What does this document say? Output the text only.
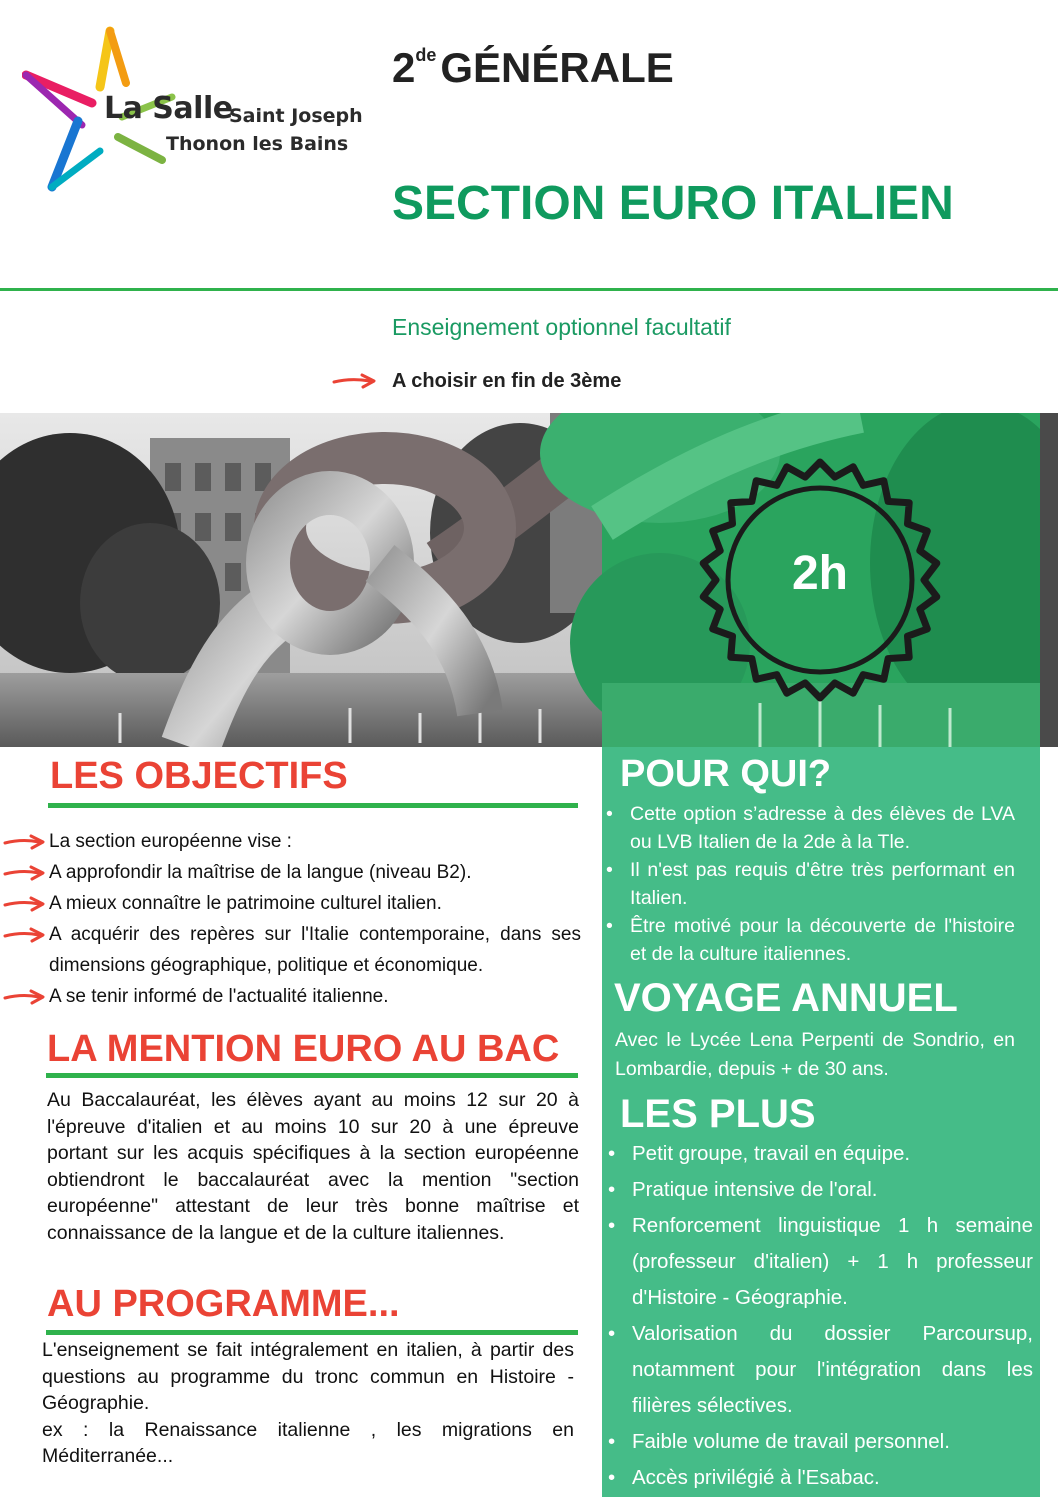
La Salle
Saint Joseph
Thonon les Bains
2deGÉNÉRALE
SECTION EURO ITALIEN
Enseignement optionnel facultatif
A choisir en fin de 3ème
2h
POUR QUI?
• Cette option s’adresse à des élèves de LVA ou LVB Italien de la 2de à la Tle.
• Il n'est pas requis d'être très performant en Italien.
• Être motivé pour la découverte de l'histoire et de la culture italiennes.
VOYAGE ANNUEL
Avec le Lycée Lena Perpenti de Sondrio, en Lombardie, depuis + de 30 ans.
LES PLUS
• Petit groupe, travail en équipe.
• Pratique intensive de l'oral.
• Renforcement linguistique 1 h semaine (professeur d'italien) + 1 h professeur d'Histoire - Géographie.
• Valorisation du dossier Parcoursup, notamment pour l'intégration dans les filières sélectives.
• Faible volume de travail personnel.
• Accès privilégié à l'Esabac.
LES OBJECTIFS
La section européenne vise :
A approfondir la maîtrise de la langue (niveau B2).
A mieux connaître le patrimoine culturel italien.
A acquérir des repères sur l'Italie contemporaine, dans ses dimensions géographique, politique et économique.
A se tenir informé de l'actualité italienne.
LA MENTION EURO AU BAC
Au Baccalauréat, les élèves ayant au moins 12 sur 20 à l'épreuve d'italien et au moins 10 sur 20 à une épreuve portant sur les acquis spécifiques à la section européenne obtiendront le baccalauréat avec la mention "section européenne" attestant de leur très bonne maîtrise et connaissance de la langue et de la culture italiennes.
AU PROGRAMME...

L'enseignement se fait intégralement en italien, à partir des questions au programme du tronc commun en Histoire - Géographie.

ex : la Renaissance italienne , les migrations en Méditerranée...
